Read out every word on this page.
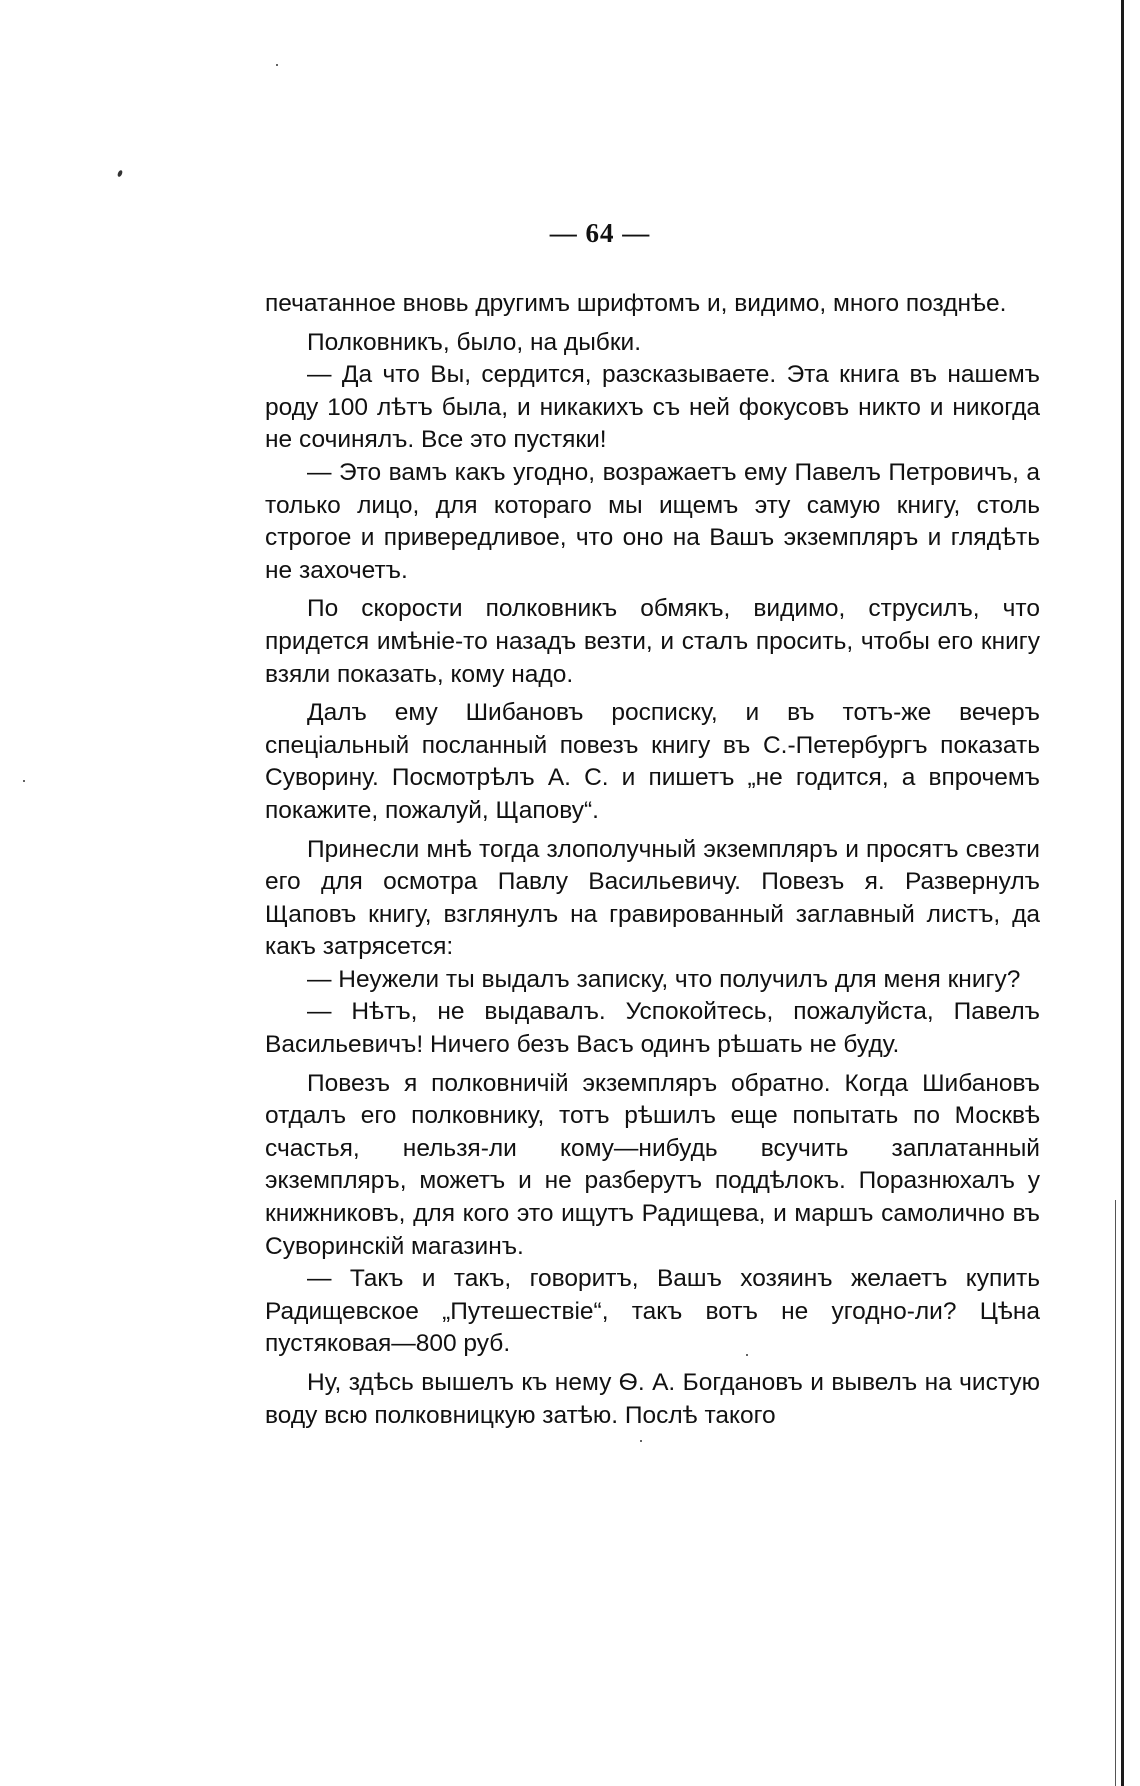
— 64 —

печатанное вновь другимъ шрифтомъ и, видимо, много позднѣе.

Полковникъ, было, на дыбки.

— Да что Вы, сердится, разсказываете. Эта книга въ нашемъ роду 100 лѣтъ была, и никакихъ съ ней фокусовъ никто и никогда не сочинялъ. Все это пустяки!

— Это вамъ какъ угодно, возражаетъ ему Павелъ Петровичъ, а только лицо, для котораго мы ищемъ эту самую книгу, столь строгое и привередливое, что оно на Вашъ экземпляръ и глядѣть не захочетъ.

По скорости полковникъ обмякъ, видимо, струсилъ, что придется имѣніе-то назадъ везти, и сталъ просить, чтобы его книгу взяли показать, кому надо.

Далъ ему Шибановъ росписку, и въ тотъ-же вечеръ спеціальный посланный повезъ книгу въ С.-Петербургъ показать Суворину. Посмотрѣлъ А. С. и пишетъ „не годится, а впрочемъ покажите, пожалуй, Щапову“.

Принесли мнѣ тогда злополучный экземпляръ и просятъ свезти его для осмотра Павлу Васильевичу. Повезъ я. Развернулъ Щаповъ книгу, взглянулъ на гравированный заглавный листъ, да какъ затрясется:

— Неужели ты выдалъ записку, что получилъ для меня книгу?

— Нѣтъ, не выдавалъ. Успокойтесь, пожалуйста, Павелъ Васильевичъ! Ничего безъ Васъ одинъ рѣшать не буду.

Повезъ я полковничій экземпляръ обратно. Когда Шибановъ отдалъ его полковнику, тотъ рѣшилъ еще попытать по Москвѣ счастья, нельзя-ли кому—нибудь всучить заплатанный экземпляръ, можетъ и не разберутъ поддѣлокъ. Поразнюхалъ у книжниковъ, для кого это ищутъ Радищева, и маршъ самолично въ Суворинскій магазинъ.

— Такъ и такъ, говоритъ, Вашъ хозяинъ желаетъ купить Радищевское „Путешествіе“, такъ вотъ не угодно-ли? Цѣна пустяковая—800 руб.

Ну, здѣсь вышелъ къ нему Ѳ. А. Богдановъ и вывелъ на чистую воду всю полковницкую затѣю. Послѣ такого
